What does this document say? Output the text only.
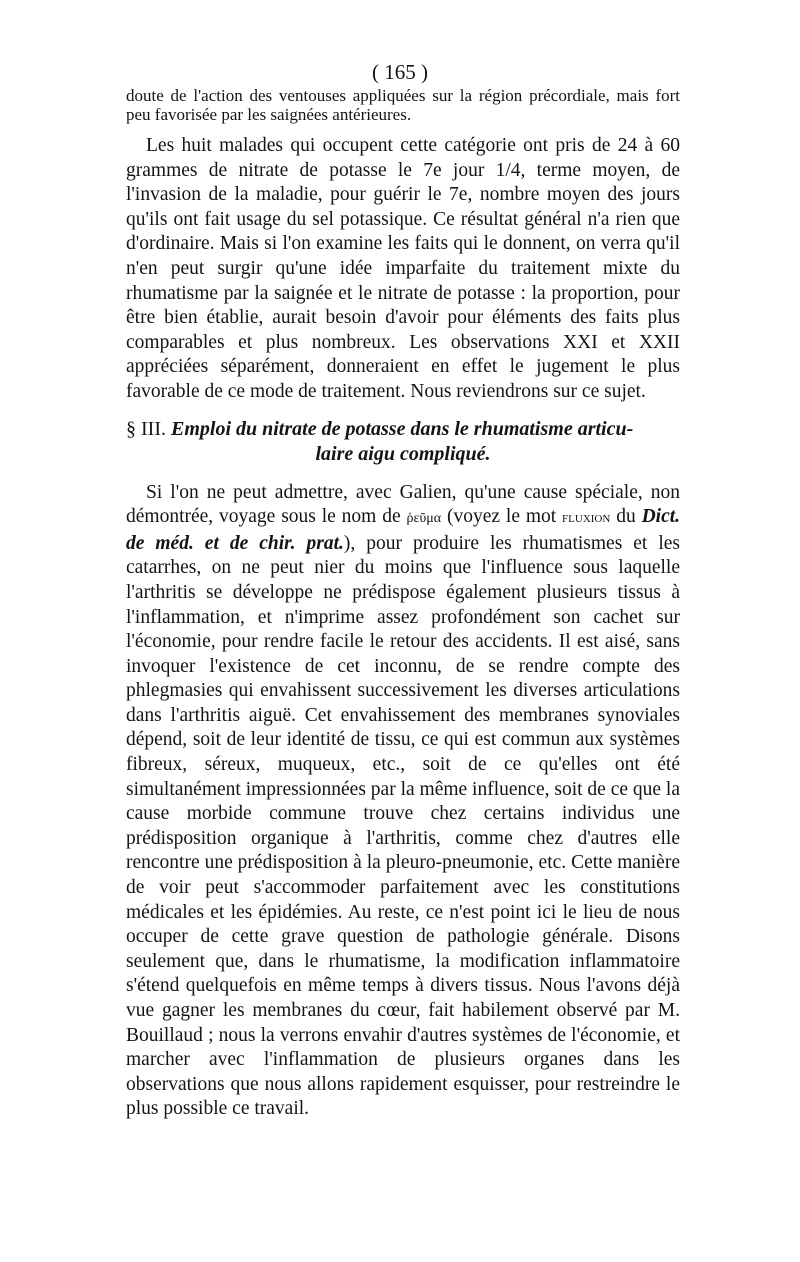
( 165 )

doute de l'action des ventouses appliquées sur la région précordiale, mais fort peu favorisée par les saignées antérieures.

Les huit malades qui occupent cette catégorie ont pris de 24 à 60 grammes de nitrate de potasse le 7e jour 1/4, terme moyen, de l'invasion de la maladie, pour guérir le 7e, nombre moyen des jours qu'ils ont fait usage du sel potassique. Ce résultat général n'a rien que d'ordinaire. Mais si l'on examine les faits qui le donnent, on verra qu'il n'en peut surgir qu'une idée imparfaite du traitement mixte du rhumatisme par la saignée et le nitrate de potasse : la proportion, pour être bien établie, aurait besoin d'avoir pour éléments des faits plus comparables et plus nombreux. Les observations XXI et XXII appréciées séparément, donneraient en effet le jugement le plus favorable de ce mode de traitement. Nous reviendrons sur ce sujet.

§ III. Emploi du nitrate de potasse dans le rhumatisme articu-
laire aigu compliqué.

Si l'on ne peut admettre, avec Galien, qu'une cause spéciale, non démontrée, voyage sous le nom de ῥεῦμα (voyez le mot fluxion du Dict. de méd. et de chir. prat.), pour produire les rhumatismes et les catarrhes, on ne peut nier du moins que l'influence sous laquelle l'arthritis se développe ne prédispose également plusieurs tissus à l'inflammation, et n'imprime assez profondément son cachet sur l'économie, pour rendre facile le retour des accidents. Il est aisé, sans invoquer l'existence de cet inconnu, de se rendre compte des phlegmasies qui envahissent successivement les diverses articulations dans l'arthritis aiguë. Cet envahissement des membranes synoviales dépend, soit de leur identité de tissu, ce qui est commun aux systèmes fibreux, séreux, muqueux, etc., soit de ce qu'elles ont été simultanément impressionnées par la même influence, soit de ce que la cause morbide commune trouve chez certains individus une prédisposition organique à l'arthritis, comme chez d'autres elle rencontre une prédisposition à la pleuro-pneumonie, etc. Cette manière de voir peut s'accommoder parfaitement avec les constitutions médicales et les épidémies. Au reste, ce n'est point ici le lieu de nous occuper de cette grave question de pathologie générale. Disons seulement que, dans le rhumatisme, la modification inflammatoire s'étend quelquefois en même temps à divers tissus. Nous l'avons déjà vue gagner les membranes du cœur, fait habilement observé par M. Bouillaud ; nous la verrons envahir d'autres systèmes de l'économie, et marcher avec l'inflammation de plusieurs organes dans les observations que nous allons rapidement esquisser, pour restreindre le plus possible ce travail.
